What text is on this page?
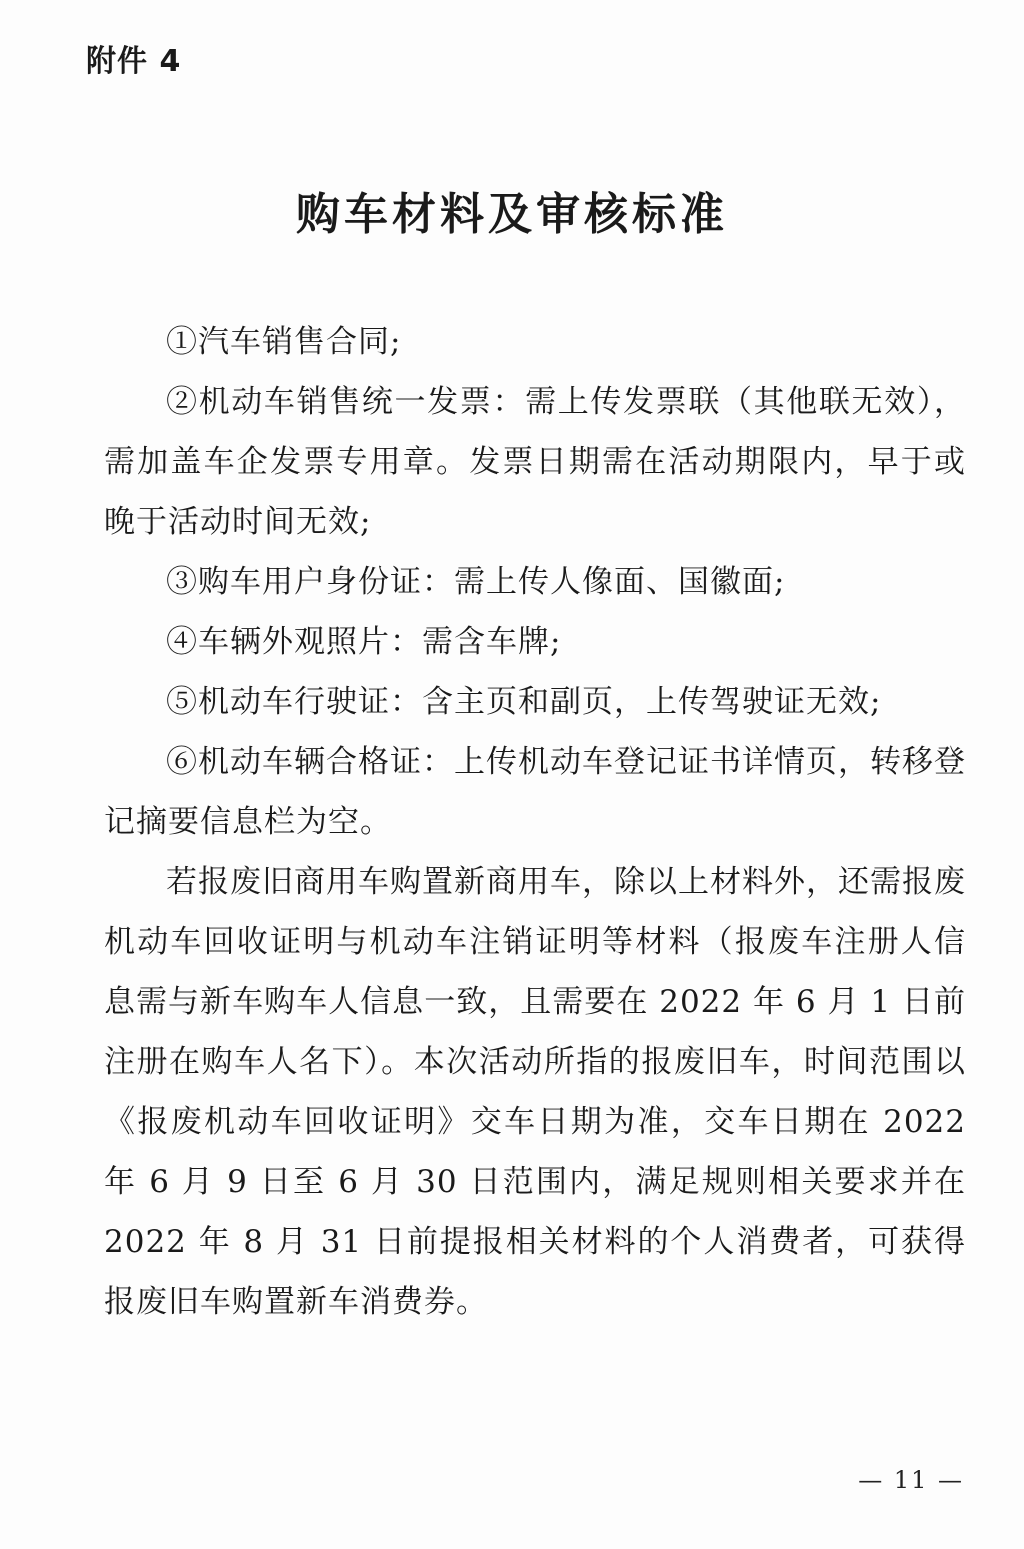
附件 4
购车材料及审核标准

①汽车销售合同;

②机动车销售统一发票：需上传发票联（其他联无效），需加盖车企发票专用章。发票日期需在活动期限内，早于或晚于活动时间无效;

③购车用户身份证：需上传人像面、国徽面;

④车辆外观照片：需含车牌;

⑤机动车行驶证：含主页和副页，上传驾驶证无效;

⑥机动车辆合格证：上传机动车登记证书详情页，转移登记摘要信息栏为空。

若报废旧商用车购置新商用车，除以上材料外，还需报废机动车回收证明与机动车注销证明等材料（报废车注册人信息需与新车购车人信息一致，且需要在 2022 年 6 月 1 日前注册在购车人名下）。本次活动所指的报废旧车，时间范围以《报废机动车回收证明》交车日期为准，交车日期在 2022 年 6 月 9 日至 6 月 30 日范围内，满足规则相关要求并在 2022 年 8 月 31 日前提报相关材料的个人消费者，可获得报废旧车购置新车消费券。

— 11 —
